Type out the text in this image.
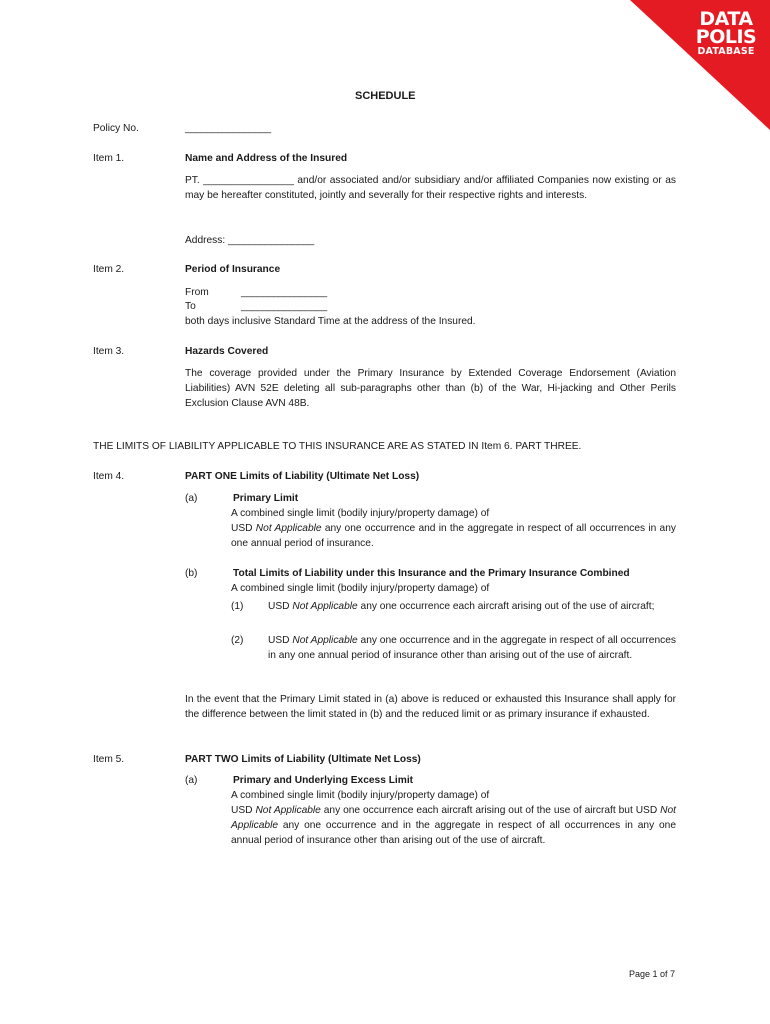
DATA
POLIS
DATABASE
SCHEDULE
Policy No.	________________
Item 1.	Name and Address of the Insured
PT. ________________ and/or associated and/or subsidiary and/or affiliated Companies now existing or as may be hereafter constituted, jointly and severally for their respective rights and interests.
Address: ________________
Item 2.	Period of Insurance
From	________________
To	________________
both days inclusive Standard Time at the address of the Insured.
Item 3.	Hazards Covered
The coverage provided under the Primary Insurance by Extended Coverage Endorsement (Aviation Liabilities) AVN 52E deleting all sub-paragraphs other than (b) of the War, Hi-jacking and Other Perils Exclusion Clause AVN 48B.
THE LIMITS OF LIABILITY APPLICABLE TO THIS INSURANCE ARE AS STATED IN Item 6. PART THREE.
Item 4.	PART ONE Limits of Liability (Ultimate Net Loss)
(a)	Primary Limit
A combined single limit (bodily injury/property damage) of
USD Not Applicable any one occurrence and in the aggregate in respect of all occurrences in any one annual period of insurance.
(b)	Total Limits of Liability under this Insurance and the Primary Insurance Combined
A combined single limit (bodily injury/property damage) of
(1) USD Not Applicable any one occurrence each aircraft arising out of the use of aircraft;
(2) USD Not Applicable any one occurrence and in the aggregate in respect of all occurrences in any one annual period of insurance other than arising out of the use of aircraft.
In the event that the Primary Limit stated in (a) above is reduced or exhausted this Insurance shall apply for the difference between the limit stated in (b) and the reduced limit or as primary insurance if exhausted.
Item 5.	PART TWO Limits of Liability (Ultimate Net Loss)
(a)	Primary and Underlying Excess Limit
A combined single limit (bodily injury/property damage) of
USD Not Applicable any one occurrence each aircraft arising out of the use of aircraft but USD Not Applicable any one occurrence and in the aggregate in respect of all occurrences in any one annual period of insurance other than arising out of the use of aircraft.
Page 1 of 7
